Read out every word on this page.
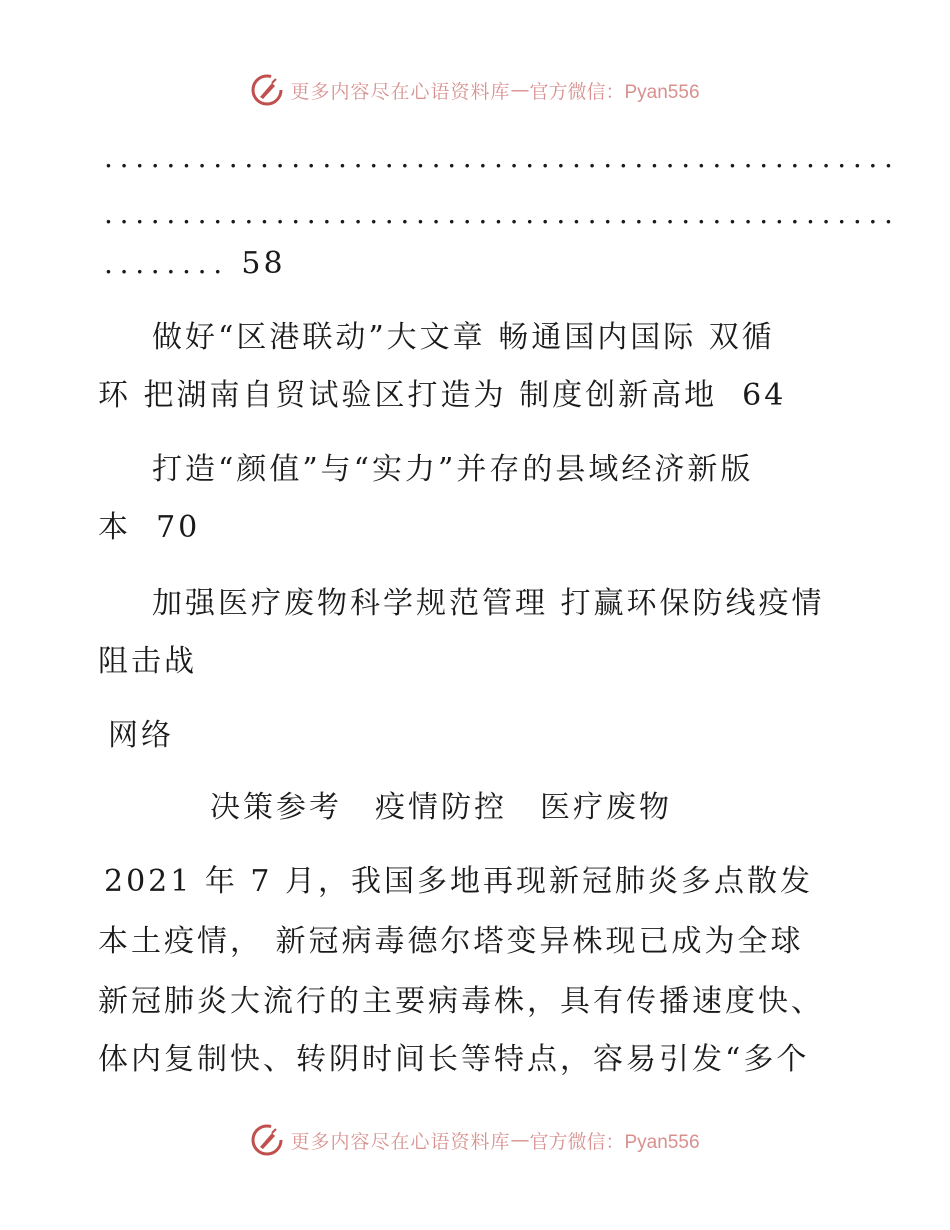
更多内容尽在心语资料库 — 官方微信：Pyan556
...................................................
...................................................
........ 58
做好“区港联动”大文章 畅通国内国际 双循
环 把湖南自贸试验区打造为 制度创新高地 64
打造“颜值”与“实力”并存的县域经济新版
本 70
加强医疗废物科学规范管理 打赢环保防线疫情
阻击战
网络
决策参考　疫情防控　医疗废物
2021 年 7 月，我国多地再现新冠肺炎多点散发
本土疫情， 新冠病毒德尔塔变异株现已成为全球
新冠肺炎大流行的主要病毒株，具有传播速度快、
体内复制快、转阴时间长等特点，容易引发“多个
更多内容尽在心语资料库 — 官方微信：Pyan556
